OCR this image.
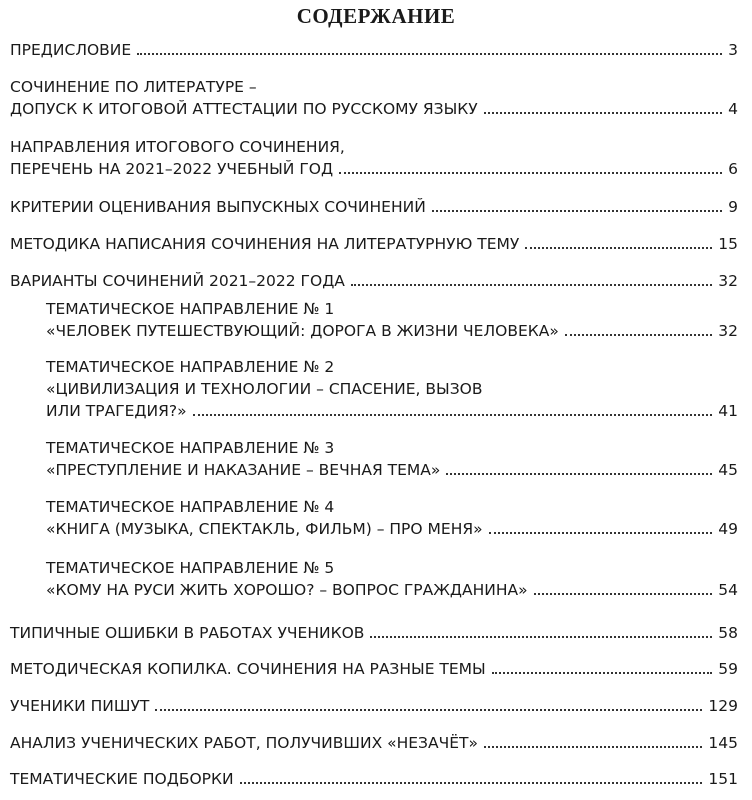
СОДЕРЖАНИЕ
ПРЕДИСЛОВИЕ	3
СОЧИНЕНИЕ ПО ЛИТЕРАТУРЕ –
ДОПУСК К ИТОГОВОЙ АТТЕСТАЦИИ ПО РУССКОМУ ЯЗЫКУ	4
НАПРАВЛЕНИЯ ИТОГОВОГО СОЧИНЕНИЯ,
ПЕРЕЧЕНЬ НА 2021–2022 УЧЕБНЫЙ ГОД	6
КРИТЕРИИ ОЦЕНИВАНИЯ ВЫПУСКНЫХ СОЧИНЕНИЙ	9
МЕТОДИКА НАПИСАНИЯ СОЧИНЕНИЯ НА ЛИТЕРАТУРНУЮ ТЕМУ	15
ВАРИАНТЫ СОЧИНЕНИЙ 2021–2022 ГОДА	32
ТЕМАТИЧЕСКОЕ НАПРАВЛЕНИЕ № 1
«ЧЕЛОВЕК ПУТЕШЕСТВУЮЩИЙ: ДОРОГА В ЖИЗНИ ЧЕЛОВЕКА»	32
ТЕМАТИЧЕСКОЕ НАПРАВЛЕНИЕ № 2
«ЦИВИЛИЗАЦИЯ И ТЕХНОЛОГИИ – СПАСЕНИЕ, ВЫЗОВ
ИЛИ ТРАГЕДИЯ?»	41
ТЕМАТИЧЕСКОЕ НАПРАВЛЕНИЕ № 3
«ПРЕСТУПЛЕНИЕ И НАКАЗАНИЕ – ВЕЧНАЯ ТЕМА»	45
ТЕМАТИЧЕСКОЕ НАПРАВЛЕНИЕ № 4
«КНИГА (МУЗЫКА, СПЕКТАКЛЬ, ФИЛЬМ) – ПРО МЕНЯ»	49
ТЕМАТИЧЕСКОЕ НАПРАВЛЕНИЕ № 5
«КОМУ НА РУСИ ЖИТЬ ХОРОШО? – ВОПРОС ГРАЖДАНИНА»	54
ТИПИЧНЫЕ ОШИБКИ В РАБОТАХ УЧЕНИКОВ	58
МЕТОДИЧЕСКАЯ КОПИЛКА. СОЧИНЕНИЯ НА РАЗНЫЕ ТЕМЫ	59
УЧЕНИКИ ПИШУТ	129
АНАЛИЗ УЧЕНИЧЕСКИХ РАБОТ, ПОЛУЧИВШИХ «НЕЗАЧЁТ»	145
ТЕМАТИЧЕСКИЕ ПОДБОРКИ	151
